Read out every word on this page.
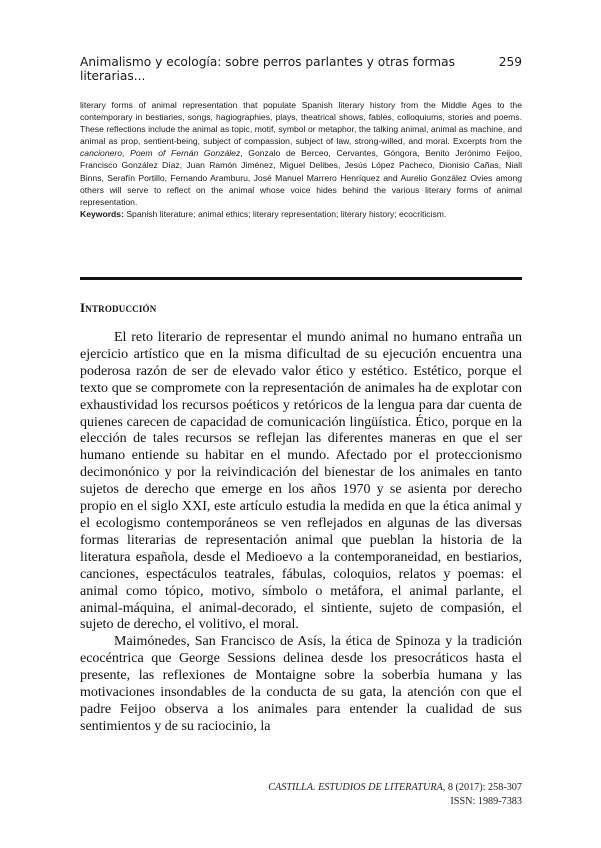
Animalismo y ecología: sobre perros parlantes y otras formas literarias...
259

literary forms of animal representation that populate Spanish literary history from the Middle Ages to the contemporary in bestiaries, songs, hagiographies, plays, theatrical shows, fables, colloquiums, stories and poems. These reflections include the animal as topic, motif, symbol or metaphor, the talking animal, animal as machine, and animal as prop, sentient-being, subject of compassion, subject of law, strong-willed, and moral. Excerpts from the cancionero, Poem of Fernán González, Gonzalo de Berceo, Cervantes, Góngora, Benito Jerónimo Feijoo, Francisco González Díaz, Juan Ramón Jiménez, Miguel Delibes, Jesús López Pacheco, Dionisio Cañas, Niall Binns, Serafín Portillo, Fernando Aramburu, José Manuel Marrero Henríquez and Aurelio González Ovies among others will serve to reflect on the animal whose voice hides behind the various literary forms of animal representation.

Keywords: Spanish literature; animal ethics; literary representation; literary history; ecocriticism.

Introducción

El reto literario de representar el mundo animal no humano entraña un ejercicio artístico que en la misma dificultad de su ejecución encuentra una poderosa razón de ser de elevado valor ético y estético. Estético, porque el texto que se compromete con la representación de animales ha de explotar con exhaustividad los recursos poéticos y retóricos de la lengua para dar cuenta de quienes carecen de capacidad de comunicación lingüística. Ético, porque en la elección de tales recursos se reflejan las diferentes maneras en que el ser humano entiende su habitar en el mundo. Afectado por el proteccionismo decimonónico y por la reivindicación del bienestar de los animales en tanto sujetos de derecho que emerge en los años 1970 y se asienta por derecho propio en el siglo XXI, este artículo estudia la medida en que la ética animal y el ecologismo contemporáneos se ven reflejados en algunas de las diversas formas literarias de representación animal que pueblan la historia de la literatura española, desde el Medioevo a la contemporaneidad, en bestiarios, canciones, espectáculos teatrales, fábulas, coloquios, relatos y poemas: el animal como tópico, motivo, símbolo o metáfora, el animal parlante, el animal-máquina, el animal-decorado, el sintiente, sujeto de compasión, el sujeto de derecho, el volitivo, el moral.

Maimónedes, San Francisco de Asís, la ética de Spinoza y la tradición ecocéntrica que George Sessions delinea desde los presocráticos hasta el presente, las reflexiones de Montaigne sobre la soberbia humana y las motivaciones insondables de la conducta de su gata, la atención con que el padre Feijoo observa a los animales para entender la cualidad de sus sentimientos y de su raciocinio, la

CASTILLA. ESTUDIOS DE LITERATURA, 8 (2017): 258-307
ISSN: 1989-7383
